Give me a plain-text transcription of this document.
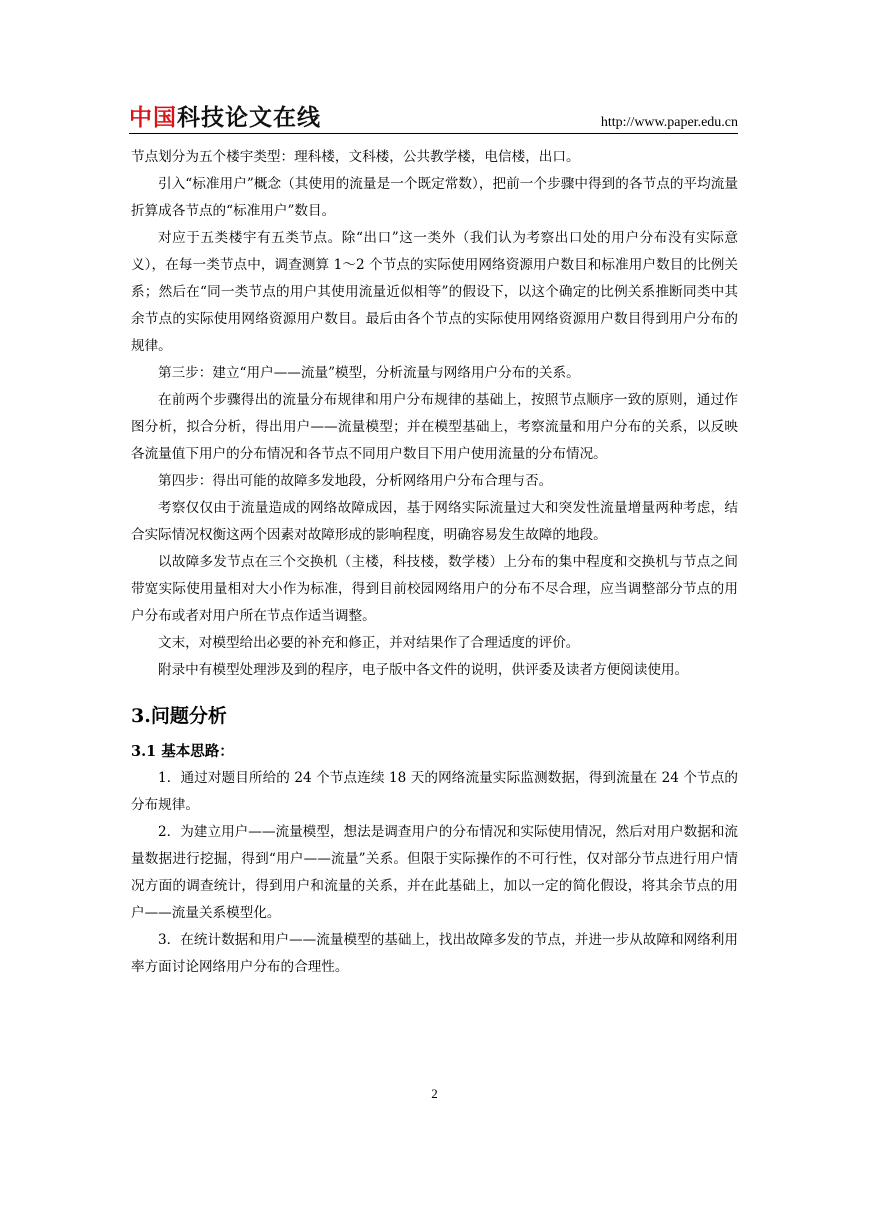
中国科技论文在线	http://www.paper.edu.cn

节点划分为五个楼宇类型：理科楼，文科楼，公共教学楼，电信楼，出口。

引入“标准用户”概念（其使用的流量是一个既定常数），把前一个步骤中得到的各节点的平均流量折算成各节点的“标准用户”数目。

对应于五类楼宇有五类节点。除“出口”这一类外（我们认为考察出口处的用户分布没有实际意义），在每一类节点中，调查测算 1～2 个节点的实际使用网络资源用户数目和标准用户数目的比例关系；然后在“同一类节点的用户其使用流量近似相等”的假设下，以这个确定的比例关系推断同类中其余节点的实际使用网络资源用户数目。最后由各个节点的实际使用网络资源用户数目得到用户分布的规律。

第三步：建立“用户——流量”模型，分析流量与网络用户分布的关系。

在前两个步骤得出的流量分布规律和用户分布规律的基础上，按照节点顺序一致的原则，通过作图分析，拟合分析，得出用户——流量模型；并在模型基础上，考察流量和用户分布的关系，以反映各流量值下用户的分布情况和各节点不同用户数目下用户使用流量的分布情况。

第四步：得出可能的故障多发地段，分析网络用户分布合理与否。

考察仅仅由于流量造成的网络故障成因，基于网络实际流量过大和突发性流量增量两种考虑，结合实际情况权衡这两个因素对故障形成的影响程度，明确容易发生故障的地段。

以故障多发节点在三个交换机（主楼，科技楼，数学楼）上分布的集中程度和交换机与节点之间带宽实际使用量相对大小作为标准，得到目前校园网络用户的分布不尽合理，应当调整部分节点的用户分布或者对用户所在节点作适当调整。

文末，对模型给出必要的补充和修正，并对结果作了合理适度的评价。

附录中有模型处理涉及到的程序，电子版中各文件的说明，供评委及读者方便阅读使用。

3.问题分析
3.1 基本思路：

1．通过对题目所给的 24 个节点连续 18 天的网络流量实际监测数据，得到流量在 24 个节点的分布规律。

2．为建立用户——流量模型，想法是调查用户的分布情况和实际使用情况，然后对用户数据和流量数据进行挖掘，得到“用户——流量”关系。但限于实际操作的不可行性，仅对部分节点进行用户情况方面的调查统计，得到用户和流量的关系，并在此基础上，加以一定的简化假设，将其余节点的用户——流量关系模型化。

3．在统计数据和用户——流量模型的基础上，找出故障多发的节点，并进一步从故障和网络利用率方面讨论网络用户分布的合理性。

2
